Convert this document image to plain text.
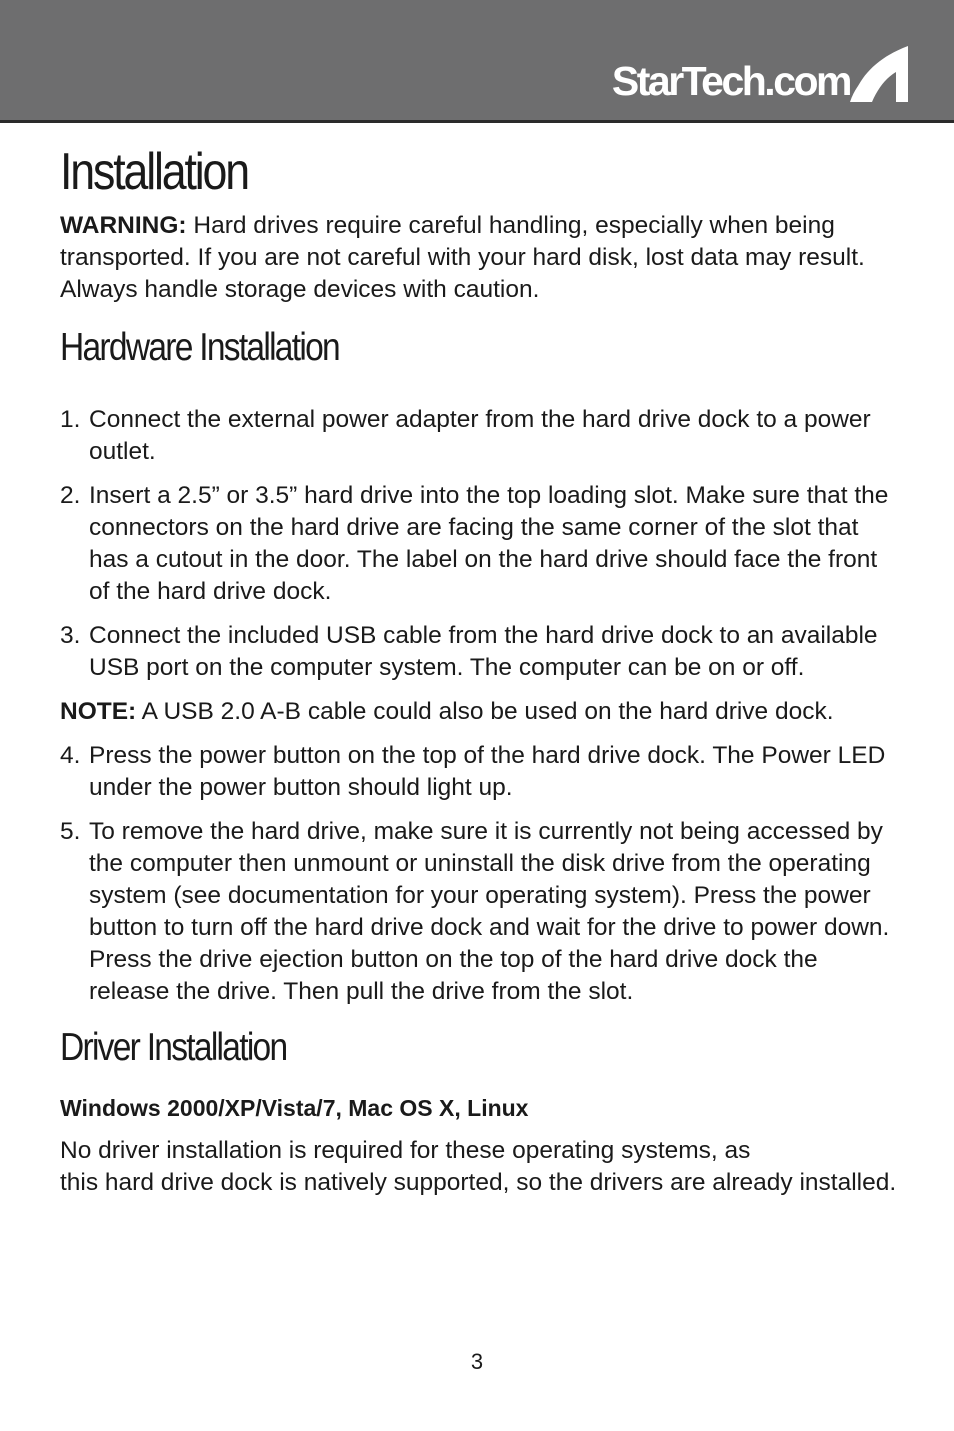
StarTech.com
Installation

WARNING: Hard drives require careful handling, especially when being transported. If you are not careful with your hard disk, lost data may result. Always handle storage devices with caution.

Hardware Installation
1. Connect the external power adapter from the hard drive dock to a power outlet.
2. Insert a 2.5” or 3.5” hard drive into the top loading slot. Make sure that the connectors on the hard drive are facing the same corner of the slot that has a cutout in the door. The label on the hard drive should face the front of the hard drive dock.
3. Connect the included USB cable from the hard drive dock to an available USB port on the computer system. The computer can be on or off.

NOTE: A USB 2.0 A-B cable could also be used on the hard drive dock.

4. Press the power button on the top of the hard drive dock. The Power LED under the power button should light up.
5. To remove the hard drive, make sure it is currently not being accessed by the computer then unmount or uninstall the disk drive from the operating system (see documentation for your operating system). Press the power button to turn off the hard drive dock and wait for the drive to power down. Press the drive ejection button on the top of the hard drive dock the release the drive. Then pull the drive from the slot.
Driver Installation

Windows 2000/XP/Vista/7, Mac OS X, Linux

No driver installation is required for these operating systems, as

this hard drive dock is natively supported, so the drivers are already installed.

3
